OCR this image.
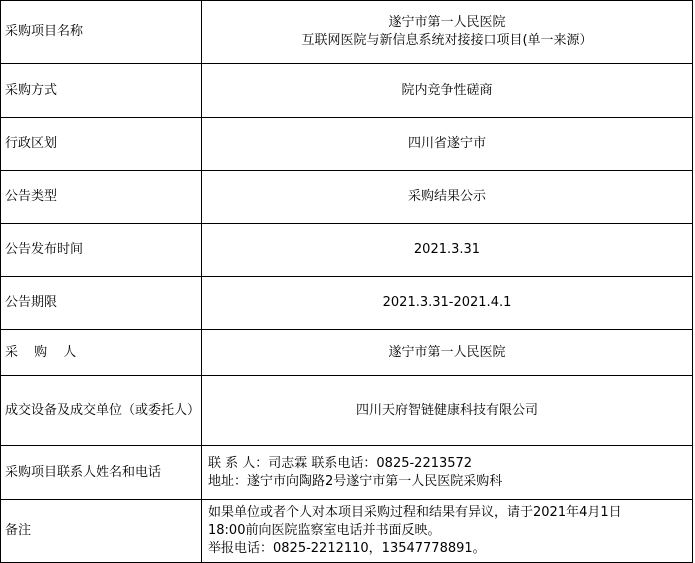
采购项目名称	遂宁市第一人民医院
互联网医院与新信息系统对接接口项目(单一来源）

采购方式	院内竞争性磋商
行政区划	四川省遂宁市
公告类型	采购结果公示
公告发布时间	2021.3.31
公告期限	2021.3.31-2021.4.1
采 购 人	遂宁市第一人民医院
成交设备及成交单位（或委托人）	四川天府智链健康科技有限公司
采购项目联系人姓名和电话	联 系 人：司志霖 联系电话：0825-2213572
地址：遂宁市向陶路2号遂宁市第一人民医院采购科

备注	如果单位或者个人对本项目采购过程和结果有异议，请于2021年4月1日
18:00前向医院监察室电话并书面反映。
举报电话：0825-2212110，13547778891。
